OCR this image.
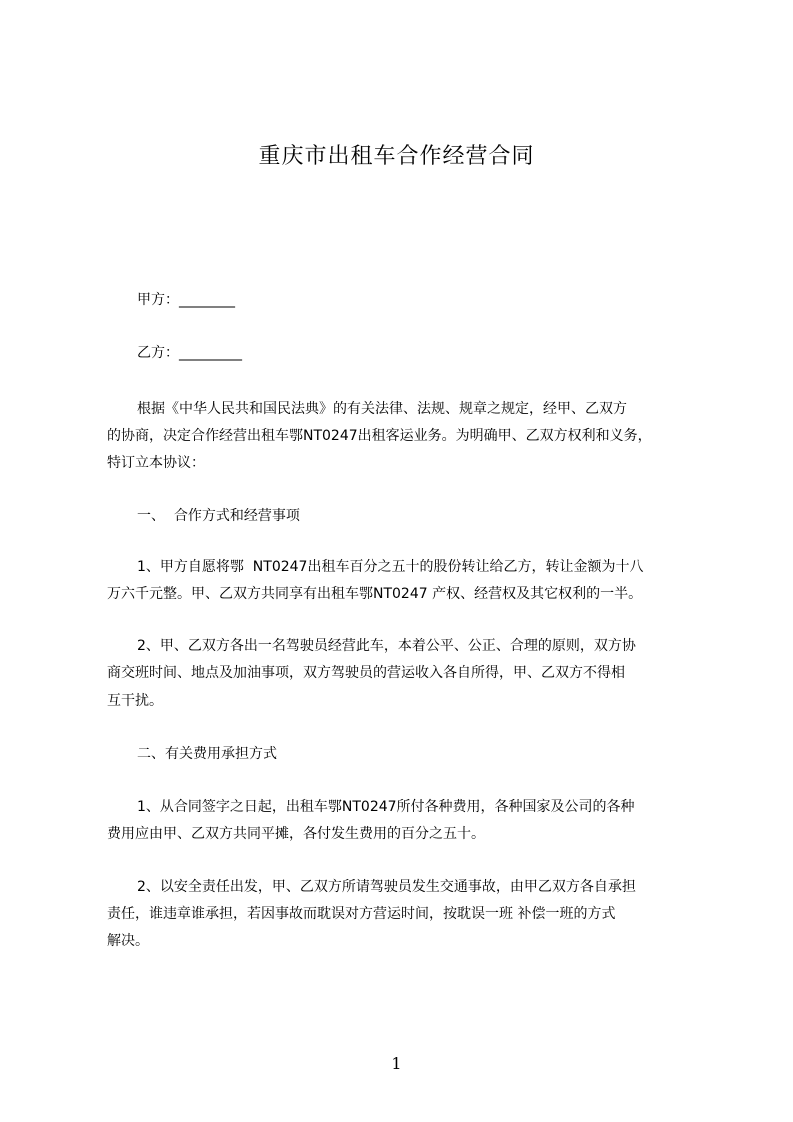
重庆市出租车合作经营合同

甲方：________

乙方：_________

根据《中华人民共和国民法典》的有关法律、法规、规章之规定，经甲、乙双方

的协商，决定合作经营出租车鄂NT0247出租客运业务。为明确甲、乙双方权利和义务，

特订立本协议：

一、  合作方式和经营事项

1、甲方自愿将鄂  NT0247出租车百分之五十的股份转让给乙方，转让金额为十八

万六千元整。甲、乙双方共同享有出租车鄂NT0247 产权、经营权及其它权利的一半。

2、甲、乙双方各出一名驾驶员经营此车，本着公平、公正、合理的原则，双方协

商交班时间、地点及加油事项，双方驾驶员的营运收入各自所得，甲、乙双方不得相

互干扰。

二、有关费用承担方式

1、从合同签字之日起，出租车鄂NT0247所付各种费用，各种国家及公司的各种

费用应由甲、乙双方共同平摊，各付发生费用的百分之五十。

2、以安全责任出发，甲、乙双方所请驾驶员发生交通事故，由甲乙双方各自承担

责任，谁违章谁承担，若因事故而耽误对方营运时间，按耽误一班 补偿一班的方式

解决。

1
